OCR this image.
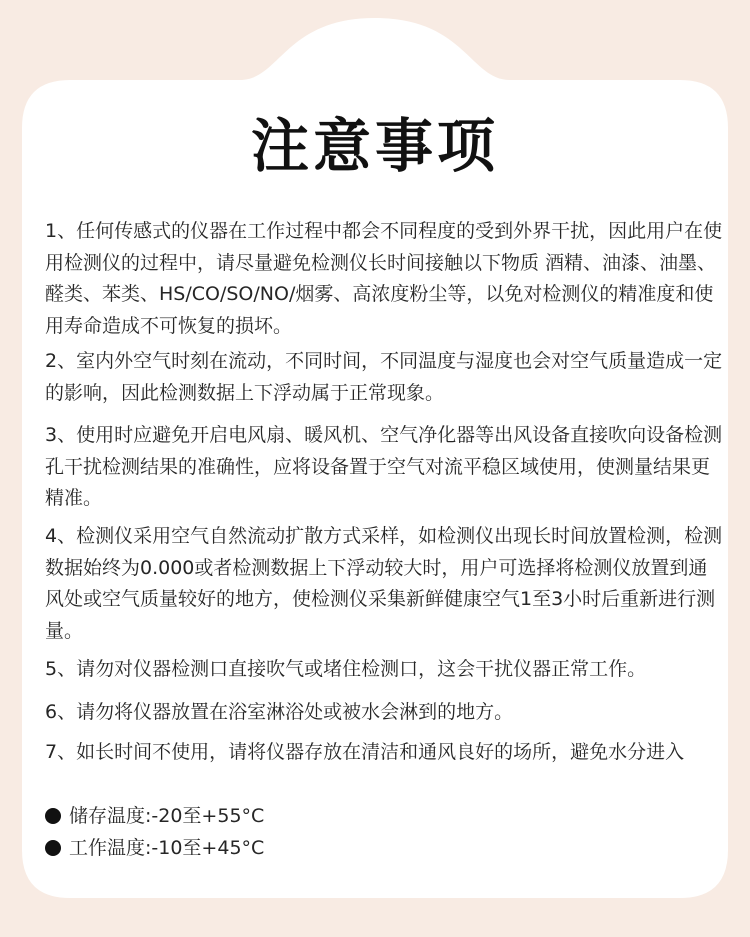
注意事项

1、任何传感式的仪器在工作过程中都会不同程度的受到外界干扰，因此用户在使用检测仪的过程中，请尽量避免检测仪长时间接触以下物质 酒精、油漆、油墨、醛类、苯类、HS/CO/SO/NO/烟雾、高浓度粉尘等，以免对检测仪的精准度和使用寿命造成不可恢复的损坏。

2、室内外空气时刻在流动，不同时间，不同温度与湿度也会对空气质量造成一定的影响，因此检测数据上下浮动属于正常现象。

3、使用时应避免开启电风扇、暖风机、空气净化器等出风设备直接吹向设备检测孔干扰检测结果的准确性，应将设备置于空气对流平稳区域使用，使测量结果更精准。

4、检测仪采用空气自然流动扩散方式采样，如检测仪出现长时间放置检测，检测数据始终为0.000或者检测数据上下浮动较大时，用户可选择将检测仪放置到通风处或空气质量较好的地方，使检测仪采集新鲜健康空气1至3小时后重新进行测量。

5、请勿对仪器检测口直接吹气或堵住检测口，这会干扰仪器正常工作。

6、请勿将仪器放置在浴室淋浴处或被水会淋到的地方。

7、如长时间不使用，请将仪器存放在清洁和通风良好的场所，避免水分进入

储存温度:-20至+55°C
工作温度:-10至+45°C
